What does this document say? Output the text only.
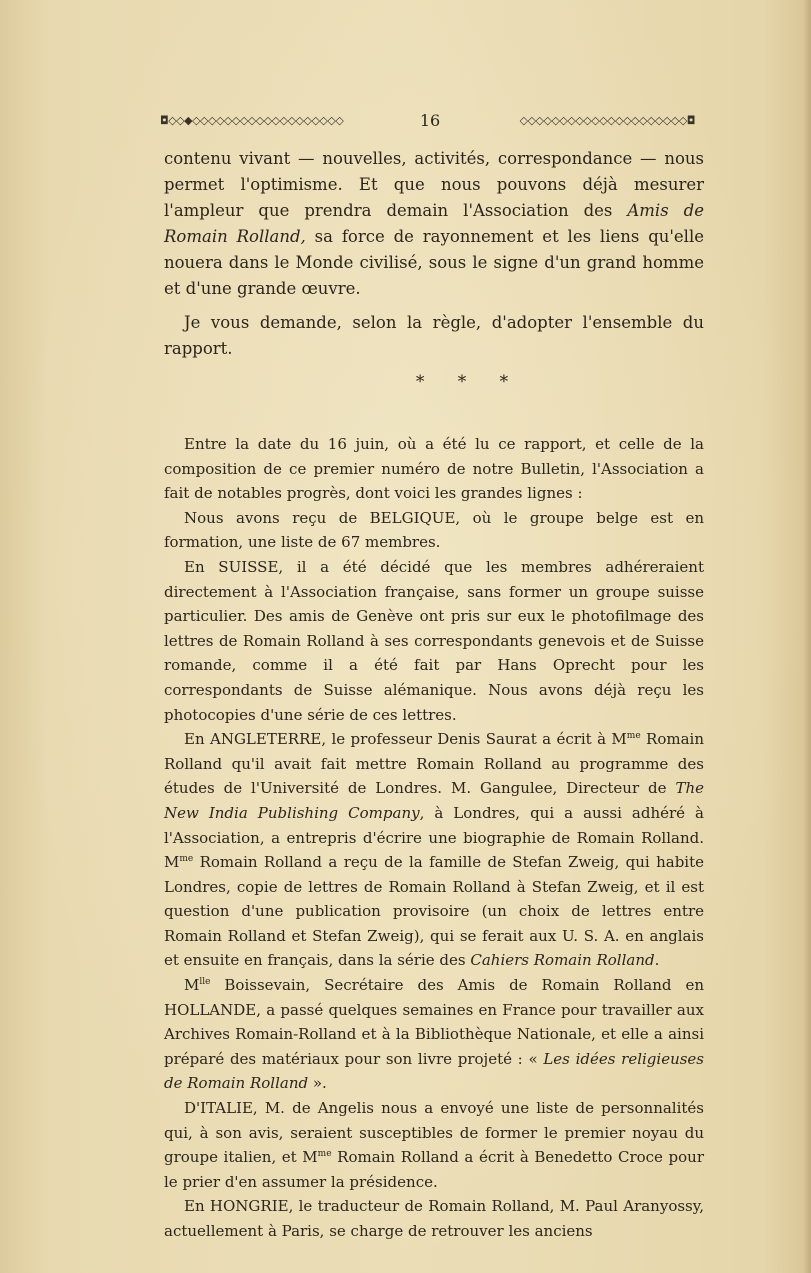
◘◇◇◆◇◇◇◇◇◇◇◇◇◇◇◇◇◇◇◇◇◇◇	16	◇◇◇◇◇◇◇◇◇◇◇◇◇◇◇◇◇◇◇◇◇◘

contenu vivant — nouvelles, activités, correspondance — nous permet l'optimisme. Et que nous pouvons déjà mesurer l'ampleur que prendra demain l'Association des Amis de Romain Rolland, sa force de rayonnement et les liens qu'elle nouera dans le Monde civilisé, sous le signe d'un grand homme et d'une grande œuvre.

Je vous demande, selon la règle, d'adopter l'ensemble du rapport.

* * *

Entre la date du 16 juin, où a été lu ce rapport, et celle de la composition de ce premier numéro de notre Bulletin, l'Association a fait de notables progrès, dont voici les grandes lignes :

Nous avons reçu de BELGIQUE, où le groupe belge est en formation, une liste de 67 membres.

En SUISSE, il a été décidé que les membres adhéreraient directement à l'Association française, sans former un groupe suisse particulier. Des amis de Genève ont pris sur eux le photofilmage des lettres de Romain Rolland à ses correspondants genevois et de Suisse romande, comme il a été fait par Hans Oprecht pour les correspondants de Suisse alémanique. Nous avons déjà reçu les photocopies d'une série de ces lettres.

En ANGLETERRE, le professeur Denis Saurat a écrit à $M^{me}$ Romain Rolland qu'il avait fait mettre Romain Rolland au programme des études de l'Université de Londres. M. Gangulee, Directeur de The New India Publishing Company, à Londres, qui a aussi adhéré à l'Association, a entrepris d'écrire une biographie de Romain Rolland. $M^{me}$ Romain Rolland a reçu de la famille de Stefan Zweig, qui habite Londres, copie de lettres de Romain Rolland à Stefan Zweig, et il est question d'une publication provisoire (un choix de lettres entre Romain Rolland et Stefan Zweig), qui se ferait aux U. S. A. en anglais et ensuite en français, dans la série des Cahiers Romain Rolland.

$M^{lle}$ Boissevain, Secrétaire des Amis de Romain Rolland en HOLLANDE, a passé quelques semaines en France pour travailler aux Archives Romain-Rolland et à la Bibliothèque Nationale, et elle a ainsi préparé des matériaux pour son livre projeté : « Les idées religieuses de Romain Rolland ».

D'ITALIE, M. de Angelis nous a envoyé une liste de personnalités qui, à son avis, seraient susceptibles de former le premier noyau du groupe italien, et $M^{me}$ Romain Rolland a écrit à Benedetto Croce pour le prier d'en assumer la présidence.

En HONGRIE, le traducteur de Romain Rolland, M. Paul Aranyossy, actuellement à Paris, se charge de retrouver les anciens
